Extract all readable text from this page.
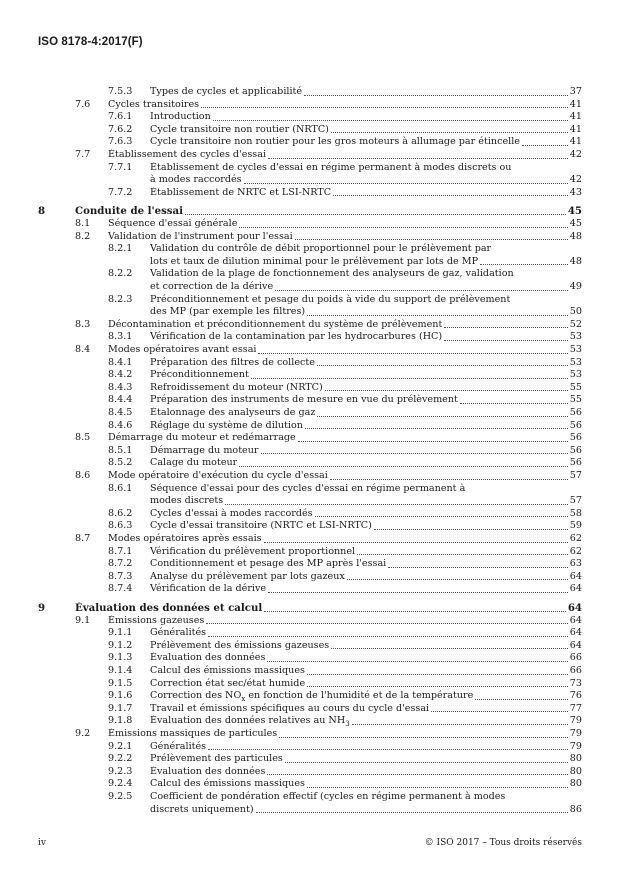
ISO 8178-4:2017(F)
7.5.3 Types de cycles et applicabilité	37
7.6 Cycles transitoires	41
7.6.1 Introduction	41
7.6.2 Cycle transitoire non routier (NRTC)	41
7.6.3 Cycle transitoire non routier pour les gros moteurs à allumage par étincelle	41
7.7 Établissement des cycles d'essai	42
7.7.1 Établissement de cycles d'essai en régime permanent à modes discrets ou
à modes raccordés	42
7.7.2 Établissement de NRTC et LSI-NRTC	43
8	Conduite de l'essai	45
8.1 Séquence d'essai générale	45
8.2 Validation de l'instrument pour l'essai	48
8.2.1 Validation du contrôle de débit proportionnel pour le prélèvement par
lots et taux de dilution minimal pour le prélèvement par lots de MP	48
8.2.2 Validation de la plage de fonctionnement des analyseurs de gaz, validation
et correction de la dérive	49
8.2.3 Préconditionnement et pesage du poids à vide du support de prélèvement
des MP (par exemple les filtres)	50
8.3 Décontamination et préconditionnement du système de prélèvement	52
8.3.1 Vérification de la contamination par les hydrocarbures (HC)	53
8.4 Modes opératoires avant essai	53
8.4.1 Préparation des filtres de collecte	53
8.4.2 Préconditionnement	53
8.4.3 Refroidissement du moteur (NRTC)	55
8.4.4 Préparation des instruments de mesure en vue du prélèvement	55
8.4.5 Étalonnage des analyseurs de gaz	56
8.4.6 Réglage du système de dilution	56
8.5 Démarrage du moteur et redémarrage	56
8.5.1 Démarrage du moteur	56
8.5.2 Calage du moteur	56
8.6 Mode opératoire d'exécution du cycle d'essai	57
8.6.1 Séquence d'essai pour des cycles d'essai en régime permanent à
modes discrets	57
8.6.2 Cycles d'essai à modes raccordés	58
8.6.3 Cycle d'essai transitoire (NRTC et LSI-NRTC)	59
8.7 Modes opératoires après essais	62
8.7.1 Vérification du prélèvement proportionnel	62
8.7.2 Conditionnement et pesage des MP après l'essai	63
8.7.3 Analyse du prélèvement par lots gazeux	64
8.7.4 Vérification de la dérive	64
9	Évaluation des données et calcul	64
9.1 Émissions gazeuses	64
9.1.1 Généralités	64
9.1.2 Prélèvement des émissions gazeuses	64
9.1.3 Évaluation des données	66
9.1.4 Calcul des émissions massiques	66
9.1.5 Correction état sec/état humide	73
9.1.6 Correction des $NO_x$ en fonction de l'humidité et de la température	76
9.1.7 Travail et émissions spécifiques au cours du cycle d'essai	77
9.1.8 Évaluation des données relatives au $NH_3$	79
9.2 Émissions massiques de particules	79
9.2.1 Généralités	79
9.2.2 Prélèvement des particules	80
9.2.3 Évaluation des données	80
9.2.4 Calcul des émissions massiques	80
9.2.5 Coefficient de pondération effectif (cycles en régime permanent à modes
discrets uniquement)	86
iv	© ISO 2017 – Tous droits réservés
